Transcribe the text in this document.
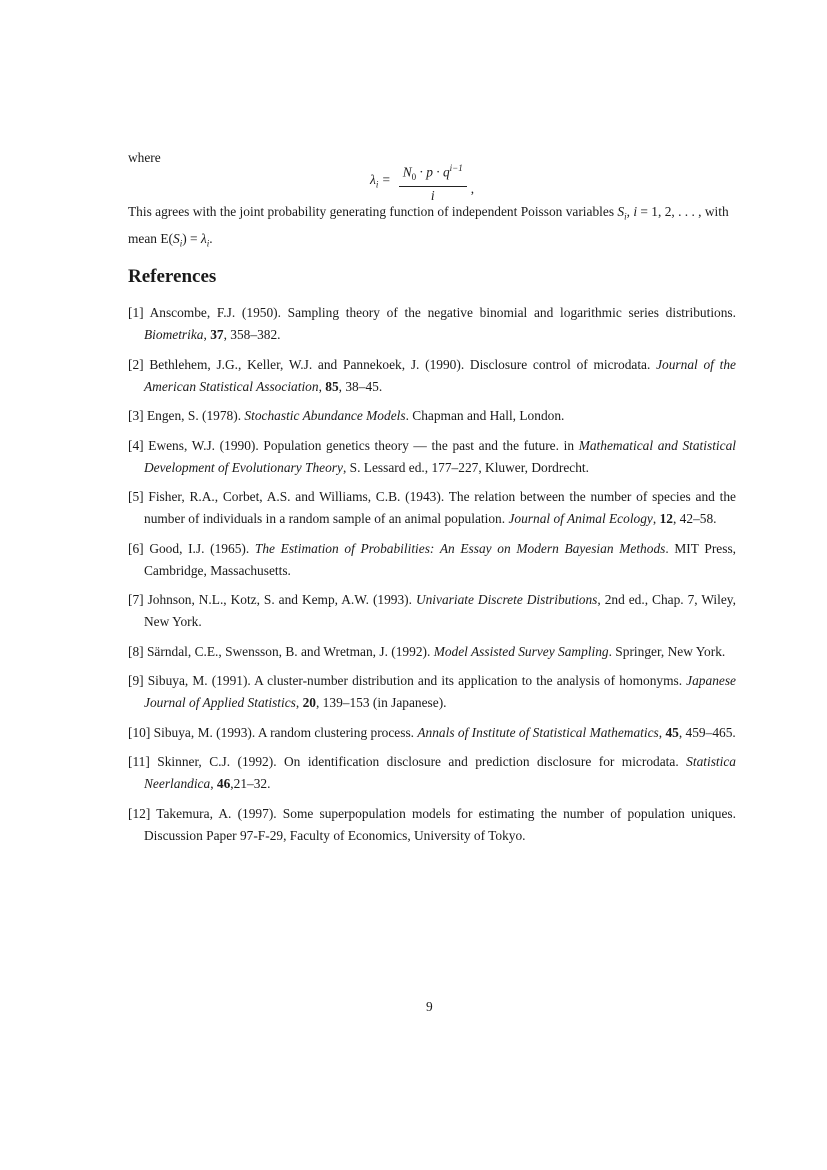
where
$\lambda_i = \frac{N_0 \cdot p \cdot q^{i-1}}{i}$ ,

This agrees with the joint probability generating function of independent Poisson variables $S_i$, i = 1, 2, . . . , with mean $E(S_i) = \lambda_i$.

References
[1] Anscombe, F.J. (1950). Sampling theory of the negative binomial and logarithmic series distributions. Biometrika, 37, 358–382.
[2] Bethlehem, J.G., Keller, W.J. and Pannekoek, J. (1990). Disclosure control of microdata. Journal of the American Statistical Association, 85, 38–45.
[3] Engen, S. (1978). Stochastic Abundance Models. Chapman and Hall, London.
[4] Ewens, W.J. (1990). Population genetics theory — the past and the future. in Mathematical and Statistical Development of Evolutionary Theory, S. Lessard ed., 177–227, Kluwer, Dordrecht.
[5] Fisher, R.A., Corbet, A.S. and Williams, C.B. (1943). The relation between the number of species and the number of individuals in a random sample of an animal population. Journal of Animal Ecology, 12, 42–58.
[6] Good, I.J. (1965). The Estimation of Probabilities: An Essay on Modern Bayesian Methods. MIT Press, Cambridge, Massachusetts.
[7] Johnson, N.L., Kotz, S. and Kemp, A.W. (1993). Univariate Discrete Distributions, 2nd ed., Chap. 7, Wiley, New York.
[8] Särndal, C.E., Swensson, B. and Wretman, J. (1992). Model Assisted Survey Sampling. Springer, New York.
[9] Sibuya, M. (1991). A cluster-number distribution and its application to the analysis of homonyms. Japanese Journal of Applied Statistics, 20, 139–153 (in Japanese).
[10] Sibuya, M. (1993). A random clustering process. Annals of Institute of Statistical Mathematics, 45, 459–465.
[11] Skinner, C.J. (1992). On identification disclosure and prediction disclosure for microdata. Statistica Neerlandica, 46,21–32.
[12] Takemura, A. (1997). Some superpopulation models for estimating the number of population uniques. Discussion Paper 97-F-29, Faculty of Economics, University of Tokyo.
9
